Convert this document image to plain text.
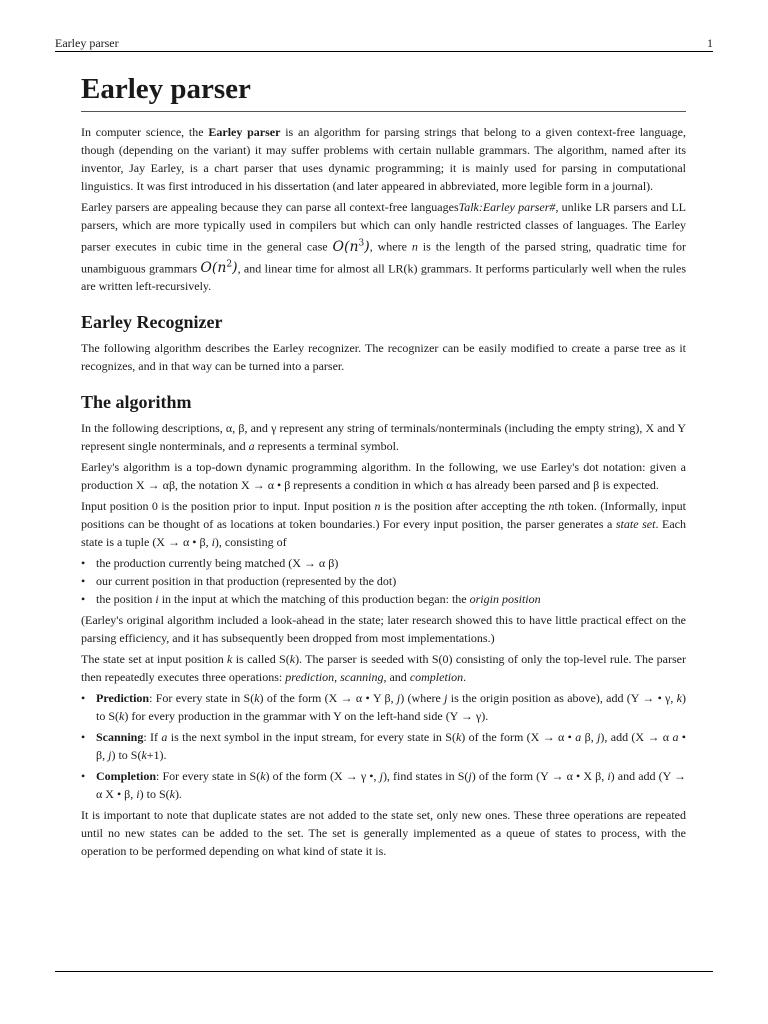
Earley parser	1
Earley parser

In computer science, the Earley parser is an algorithm for parsing strings that belong to a given context-free language, though (depending on the variant) it may suffer problems with certain nullable grammars. The algorithm, named after its inventor, Jay Earley, is a chart parser that uses dynamic programming; it is mainly used for parsing in computational linguistics. It was first introduced in his dissertation (and later appeared in abbreviated, more legible form in a journal).

Earley parsers are appealing because they can parse all context-free languagesTalk:Earley parser#, unlike LR parsers and LL parsers, which are more typically used in compilers but which can only handle restricted classes of languages. The Earley parser executes in cubic time in the general case $O(n^3)$, where n is the length of the parsed string, quadratic time for unambiguous grammars $O(n^2)$, and linear time for almost all LR(k) grammars. It performs particularly well when the rules are written left-recursively.

Earley Recognizer

The following algorithm describes the Earley recognizer. The recognizer can be easily modified to create a parse tree as it recognizes, and in that way can be turned into a parser.

The algorithm

In the following descriptions, α, β, and γ represent any string of terminals/nonterminals (including the empty string), X and Y represent single nonterminals, and a represents a terminal symbol.

Earley's algorithm is a top-down dynamic programming algorithm. In the following, we use Earley's dot notation: given a production X → αβ, the notation X → α • β represents a condition in which α has already been parsed and β is expected.

Input position 0 is the position prior to input. Input position n is the position after accepting the nth token. (Informally, input positions can be thought of as locations at token boundaries.) For every input position, the parser generates a state set. Each state is a tuple (X → α • β, i), consisting of

• the production currently being matched (X → α β)
• our current position in that production (represented by the dot)
• the position i in the input at which the matching of this production began: the origin position

(Earley's original algorithm included a look-ahead in the state; later research showed this to have little practical effect on the parsing efficiency, and it has subsequently been dropped from most implementations.)

The state set at input position k is called S(k). The parser is seeded with S(0) consisting of only the top-level rule. The parser then repeatedly executes three operations: prediction, scanning, and completion.

• Prediction: For every state in S(k) of the form (X → α • Y β, j) (where j is the origin position as above), add (Y → • γ, k) to S(k) for every production in the grammar with Y on the left-hand side (Y → γ).
• Scanning: If a is the next symbol in the input stream, for every state in S(k) of the form (X → α • a β, j), add (X → α a • β, j) to S(k+1).
• Completion: For every state in S(k) of the form (X → γ •, j), find states in S(j) of the form (Y → α • X β, i) and add (Y → α X • β, i) to S(k).

It is important to note that duplicate states are not added to the state set, only new ones. These three operations are repeated until no new states can be added to the set. The set is generally implemented as a queue of states to process, with the operation to be performed depending on what kind of state it is.
